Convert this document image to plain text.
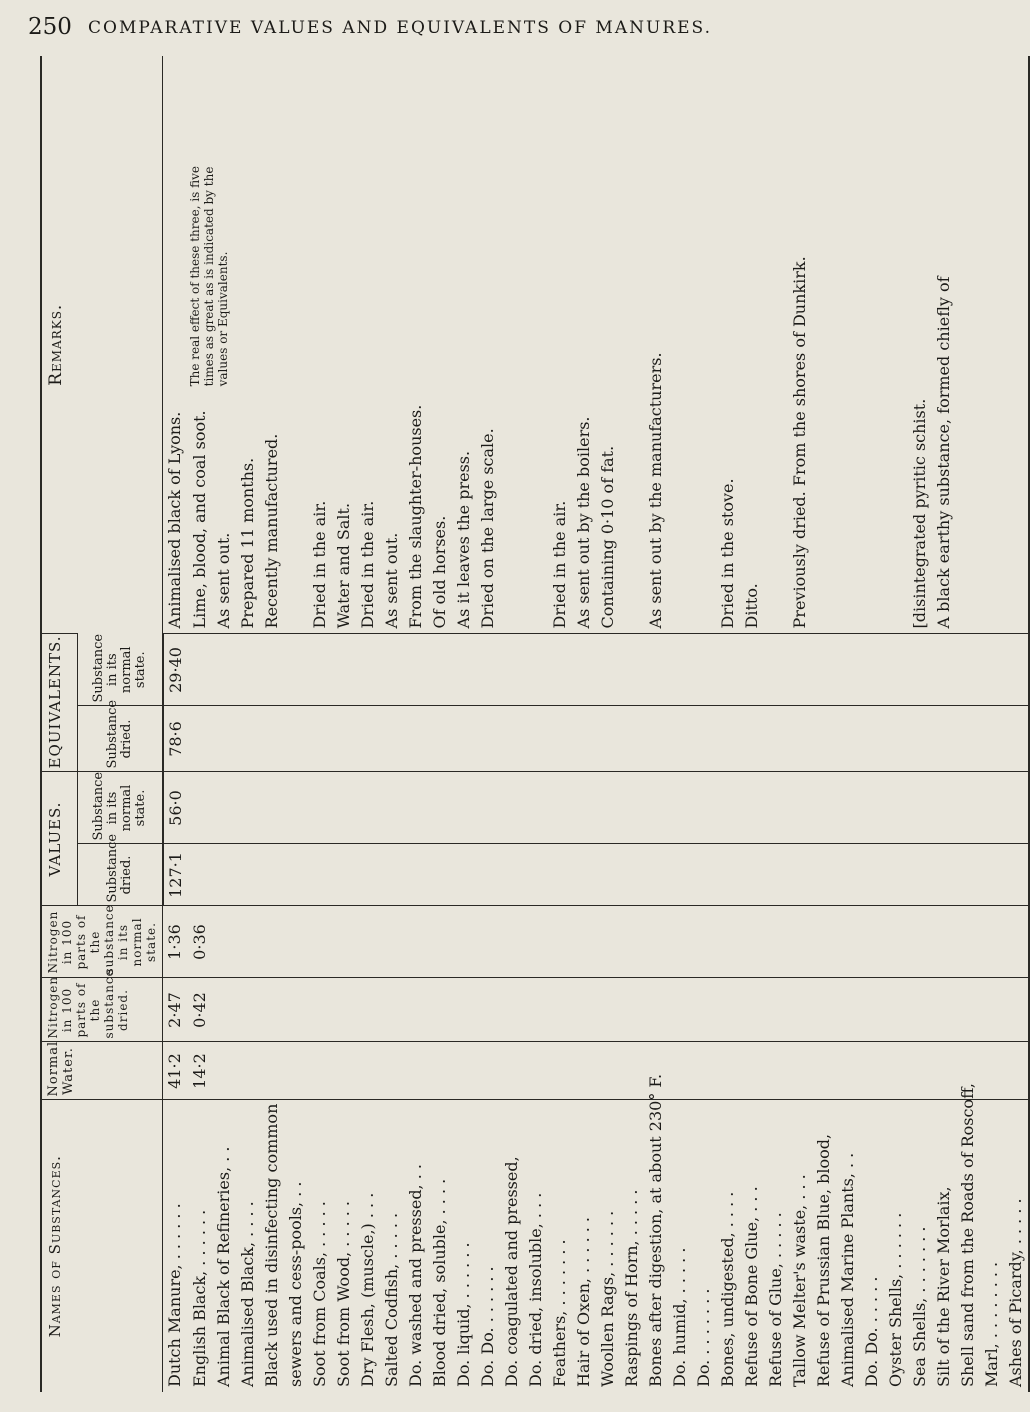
250 COMPARATIVE VALUES AND EQUIVALENTS OF MANURES.
Names of Substances.	Normal Water.	Nitrogen in 100 parts of the substance dried.	Nitrogen in 100 parts of the substance in its normal state.	VALUES.		EQUIVALENTS.		Remarks.
				Substance dried.	Substance in its normal state.	Substance dried.	Substance in its normal state.	
Dutch Manure, . . . . . .	41·2	2·47	1·36	127·1	56·0	78·6	29·40	Animalised black of Lyons.
English Black, . . . . . .	14·2	0·42	0·36					Lime, blood, and coal soot.
The real effect of these three, is five times as great as is indicated by the values or Equivalents.

Animal Black of Refineries, . .								As sent out.
Animalised Black, . . . .								Prepared 11 months.
Black used in disinfecting common								Recently manufactured.
sewers and cess-pools, . .								
Soot from Coals, . . . . .								Dried in the air.
Soot from Wood, . . . . .								Water and Salt.
Dry Flesh, (muscle,) . . .								Dried in the air.
Salted Codfish, . . . . .								As sent out.
Do. washed and pressed, . .								From the slaughter-houses.
Blood dried, soluble, . . . .								Of old horses.
Do. liquid, . . . . . .								As it leaves the press.
Do. Do. . . . . . .								Dried on the large scale.
Do. coagulated and pressed,								
Do. dried, insoluble, . . .								
Feathers, . . . . . . .								Dried in the air.
Hair of Oxen, . . . . . .								As sent out by the boilers.
Woollen Rags, . . . . . .								Containing 0·10 of fat.
Raspings of Horn, . . . . .								
Bones after digestion, at about 230° F.								As sent out by the manufacturers.
Do. humid, . . . . .								
Do. . . . . . . .								
Bones, undigested, . . . .								Dried in the stove.
Refuse of Bone Glue, . . .								Ditto.
Refuse of Glue, . . . . .								
Tallow Melter's waste, . . .								Previously dried. From the shores of Dunkirk.
Refuse of Prussian Blue, blood,								
Animalised Marine Plants, . .								
Do. Do. . . . . .								
Oyster Shells, . . . . . .								
Sea Shells, . . . . . . .								[disintegrated pyritic schist.
Silt of the River Morlaix,								A black earthy substance, formed chiefly of
Shell sand from the Roads of Roscoff,								
Marl, . . . . . . . .								
Ashes of Picardy, . . . . .								
